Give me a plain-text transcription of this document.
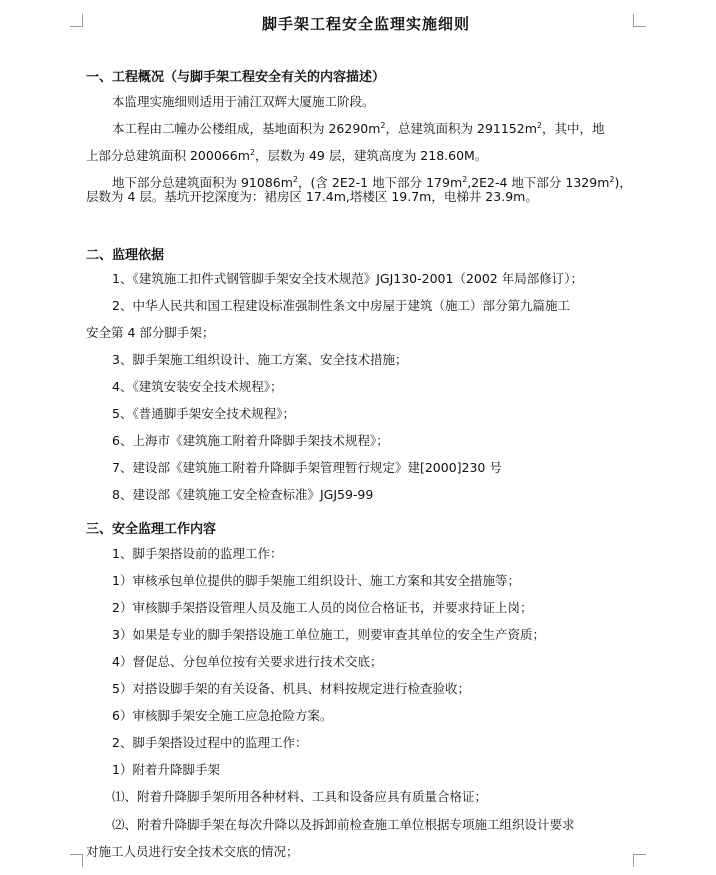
脚手架工程安全监理实施细则
一、工程概况（与脚手架工程安全有关的内容描述）
本监理实施细则适用于浦江双辉大厦施工阶段。
本工程由二幢办公楼组成，基地面积为 $26290m^2$，总建筑面积为 $291152m^2$，其中，地
上部分总建筑面积 $200066m^2$，层数为 49 层，建筑高度为 218.60M。
地下部分总建筑面积为 $91086m^2$，(含 2E2-1 地下部分 $179m^2,2E2-4$ 地下部分 $1329m^2$)，
层数为 4 层。基坑开挖深度为：裙房区 17.4m,塔楼区 19.7m，电梯井 23.9m。
二、监理依据
1、《建筑施工扣件式钢管脚手架安全技术规范》JGJ130-2001（2002 年局部修订）；
2、中华人民共和国工程建设标准强制性条文中房屋于建筑（施工）部分第九篇施工
安全第 4 部分脚手架；
3、脚手架施工组织设计、施工方案、安全技术措施；
4、《建筑安装安全技术规程》；
5、《普通脚手架安全技术规程》；
6、上海市《建筑施工附着升降脚手架技术规程》；
7、建设部《建筑施工附着升降脚手架管理暂行规定》建[2000]230 号
8、建设部《建筑施工安全检查标准》JGJ59-99
三、安全监理工作内容
1、脚手架搭设前的监理工作：
1）审核承包单位提供的脚手架施工组织设计、施工方案和其安全措施等；
2）审核脚手架搭设管理人员及施工人员的岗位合格证书，并要求持证上岗；
3）如果是专业的脚手架搭设施工单位施工，则要审查其单位的安全生产资质；
4）督促总、分包单位按有关要求进行技术交底；
5）对搭设脚手架的有关设备、机具、材料按规定进行检查验收；
6）审核脚手架安全施工应急抢险方案。
2、脚手架搭设过程中的监理工作：
1）附着升降脚手架
⑴、附着升降脚手架所用各种材料、工具和设备应具有质量合格证；
⑵、附着升降脚手架在每次升降以及拆卸前检查施工单位根据专项施工组织设计要求
对施工人员进行安全技术交底的情况；
